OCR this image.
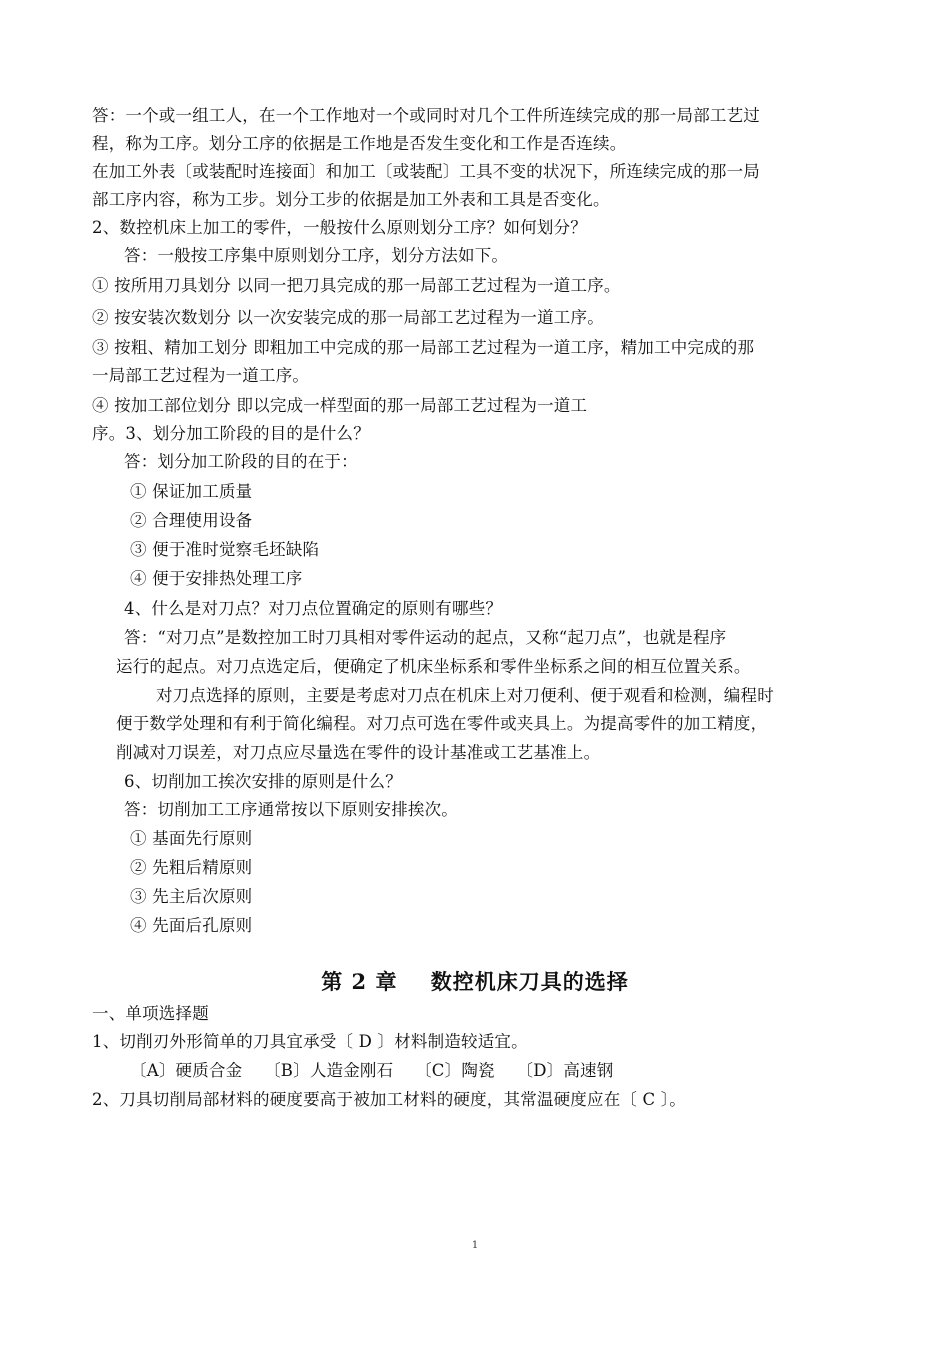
答：一个或一组工人，在一个工作地对一个或同时对几个工件所连续完成的那一局部工艺过
程，称为工序。划分工序的依据是工作地是否发生变化和工作是否连续。
在加工外表〔或装配时连接面〕和加工〔或装配〕工具不变的状况下，所连续完成的那一局
部工序内容，称为工步。划分工步的依据是加工外表和工具是否变化。
2、数控机床上加工的零件，一般按什么原则划分工序？如何划分？
答：一般按工序集中原则划分工序，划分方法如下。
① 按所用刀具划分 以同一把刀具完成的那一局部工艺过程为一道工序。
② 按安装次数划分 以一次安装完成的那一局部工艺过程为一道工序。
③ 按粗、精加工划分 即粗加工中完成的那一局部工艺过程为一道工序，精加工中完成的那
一局部工艺过程为一道工序。
④ 按加工部位划分 即以完成一样型面的那一局部工艺过程为一道工
序。3、划分加工阶段的目的是什么？
答：划分加工阶段的目的在于：
① 保证加工质量
② 合理使用设备
③ 便于准时觉察毛坯缺陷
④ 便于安排热处理工序
4、什么是对刀点？对刀点位置确定的原则有哪些？
答：“对刀点”是数控加工时刀具相对零件运动的起点，又称“起刀点”，也就是程序
运行的起点。对刀点选定后，便确定了机床坐标系和零件坐标系之间的相互位置关系。
对刀点选择的原则，主要是考虑对刀点在机床上对刀便利、便于观看和检测，编程时
便于数学处理和有利于简化编程。对刀点可选在零件或夹具上。为提高零件的加工精度，
削减对刀误差，对刀点应尽量选在零件的设计基准或工艺基准上。
6、切削加工挨次安排的原则是什么？
答：切削加工工序通常按以下原则安排挨次。
① 基面先行原则
② 先粗后精原则
③ 先主后次原则
④ 先面后孔原则
第 2 章    数控机床刀具的选择
一、单项选择题
1、切削刃外形简单的刀具宜承受〔 D 〕材料制造较适宜。
〔A〕硬质合金    〔B〕人造金刚石    〔C〕陶瓷    〔D〕高速钢
2、刀具切削局部材料的硬度要高于被加工材料的硬度，其常温硬度应在〔 C 〕。
1
